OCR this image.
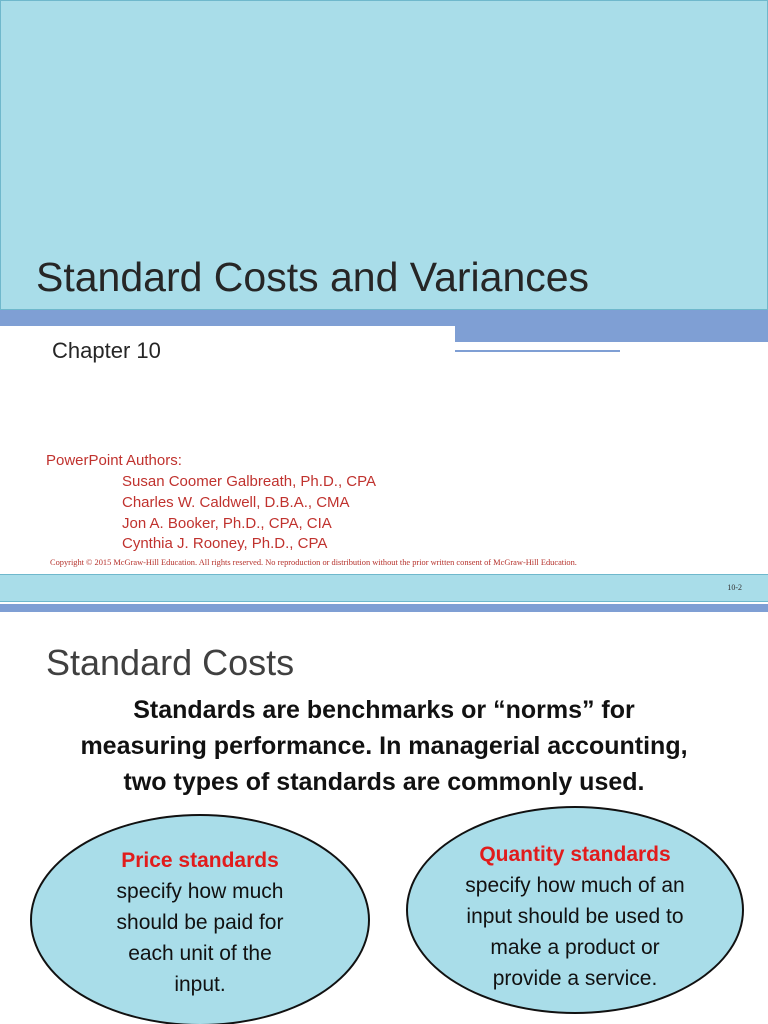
Standard Costs and Variances
Chapter 10
PowerPoint Authors:
Susan Coomer Galbreath, Ph.D., CPA
Charles W. Caldwell, D.B.A., CMA
Jon A. Booker, Ph.D., CPA, CIA
Cynthia J. Rooney, Ph.D., CPA
Copyright © 2015 McGraw-Hill Education. All rights reserved. No reproduction or distribution without the prior written consent of McGraw-Hill Education.
10-2
Standard Costs
Standards are benchmarks or “norms” for
measuring performance. In managerial accounting,
two types of standards are commonly used.
Price standards
specify how much
should be paid for
each unit of the
input.
Quantity standards
specify how much of an
input should be used to
make a product or
provide a service.
